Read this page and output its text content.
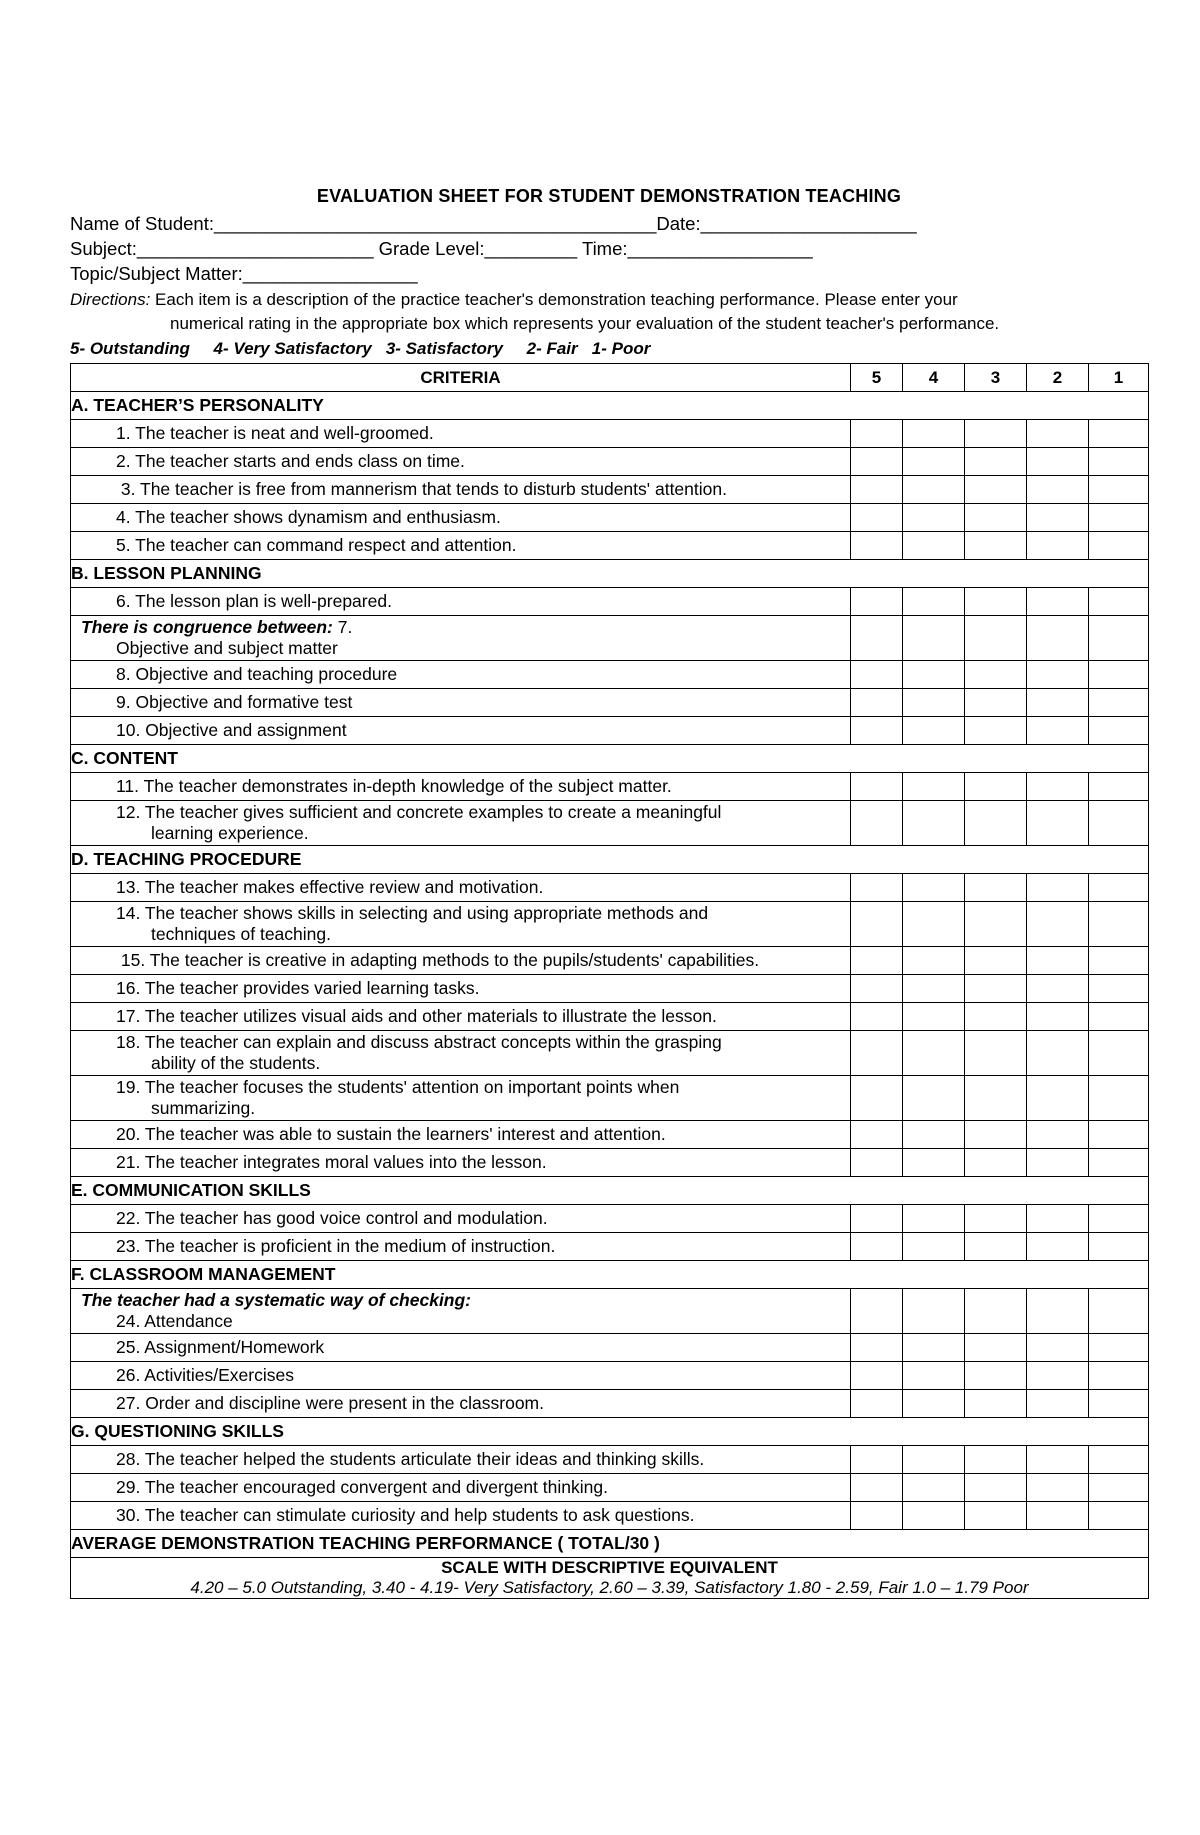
EVALUATION SHEET FOR STUDENT DEMONSTRATION TEACHING
Name of Student:___________________________________________Date:_____________________
Subject:_______________________ Grade Level:_________ Time:__________________
Topic/Subject Matter:_________________
Directions: Each item is a description of the practice teacher's demonstration teaching performance. Please enter your
numerical rating in the appropriate box which represents your evaluation of the student teacher's performance.
5- Outstanding     4- Very Satisfactory   3- Satisfactory     2- Fair   1- Poor
CRITERIA	5	4	3	2	1
A. TEACHER’S PERSONALITY					
1. The teacher is neat and well-groomed.					
2. The teacher starts and ends class on time.					
3. The teacher is free from mannerism that tends to disturb students' attention.					
4. The teacher shows dynamism and enthusiasm.					
5. The teacher can command respect and attention.					
B. LESSON PLANNING					
6. The lesson plan is well-prepared.					
There is congruence between: 7.
Objective and subject matter					

8. Objective and teaching procedure					
9. Objective and formative test					
10. Objective and assignment					
C. CONTENT					
11. The teacher demonstrates in-depth knowledge of the subject matter.					
12. The teacher gives sufficient and concrete examples to create a meaningful
learning experience.					

D. TEACHING PROCEDURE					
13. The teacher makes effective review and motivation.					
14. The teacher shows skills in selecting and using appropriate methods and
techniques of teaching.					

15. The teacher is creative in adapting methods to the pupils/students' capabilities.					
16. The teacher provides varied learning tasks.					
17. The teacher utilizes visual aids and other materials to illustrate the lesson.					
18. The teacher can explain and discuss abstract concepts within the grasping
ability of the students.					

19. The teacher focuses the students' attention on important points when
summarizing.					

20. The teacher was able to sustain the learners' interest and attention.					
21. The teacher integrates moral values into the lesson.					
E. COMMUNICATION SKILLS					
22. The teacher has good voice control and modulation.					
23. The teacher is proficient in the medium of instruction.					
F. CLASSROOM MANAGEMENT					
The teacher had a systematic way of checking:
24. Attendance					

25. Assignment/Homework					
26. Activities/Exercises					
27. Order and discipline were present in the classroom.					
G. QUESTIONING SKILLS					
28. The teacher helped the students articulate their ideas and thinking skills.					
29. The teacher encouraged convergent and divergent thinking.					
30. The teacher can stimulate curiosity and help students to ask questions.					
AVERAGE DEMONSTRATION TEACHING PERFORMANCE ( TOTAL/30 )					

SCALE WITH DESCRIPTIVE EQUIVALENT
4.20 – 5.0 Outstanding, 3.40 - 4.19- Very Satisfactory, 2.60 – 3.39, Satisfactory 1.80 - 2.59, Fair 1.0 – 1.79 Poor					
